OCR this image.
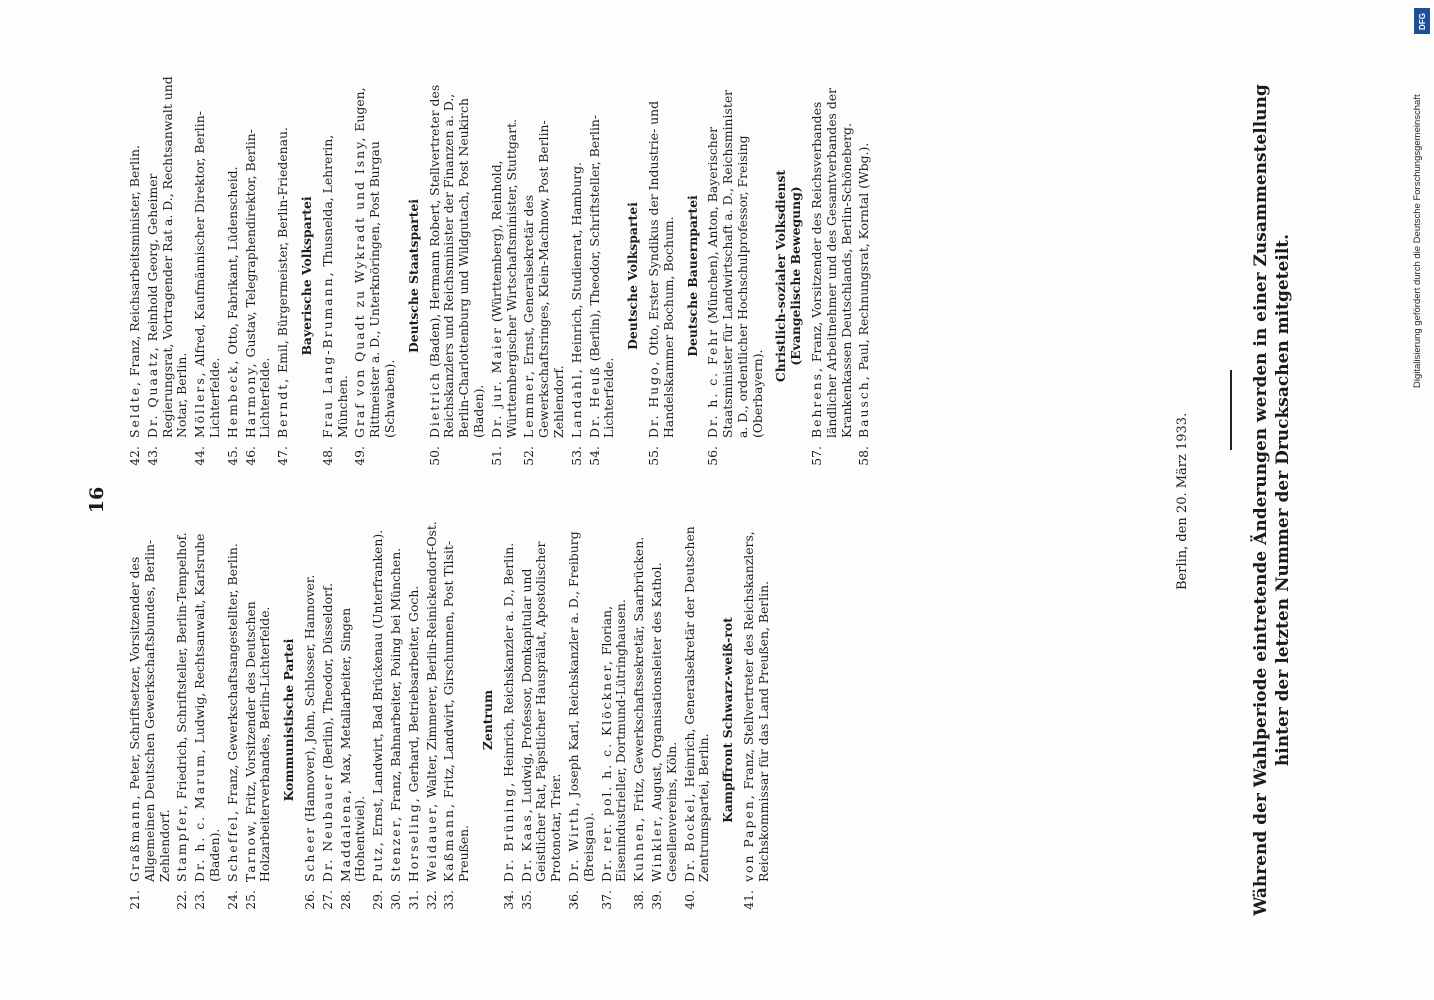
16
21.
Graßmann, Peter, Schriftsetzer, Vorsitzender des Allgemeinen Deutschen Gewerkschaftsbundes, Berlin-Zehlendorf.
22.
Stampfer, Friedrich, Schriftsteller, Berlin-Tempelhof.
23.
Dr. h. c. Marum, Ludwig, Rechtsanwalt, Karlsruhe (Baden).
24.
Scheffel, Franz, Gewerkschaftsangestellter, Berlin.
25.
Tarnow, Fritz, Vorsitzender des Deutschen Holzarbeiterverbandes, Berlin-Lichterfelde. Kommunistische Partei
26.
Scheer (Hannover), John, Schlosser, Hannover.
27.
Dr. Neubauer (Berlin), Theodor, Düsseldorf.
28.
Maddalena, Max, Metallarbeiter, Singen (Hohentwiel).
29.
Putz, Ernst, Landwirt, Bad Brückenau (Unterfranken).
30.
Stenzer, Franz, Bahnarbeiter, Poiing bei München.
31.
Horseling, Gerhard, Betriebsarbeiter, Goch.
32.
Weidauer, Walter, Zimmerer, Berlin-Reinickendorf-Ost.
33.
Kaßmann, Fritz, Landwirt, Girschunnen, Post Tilsit-Preußen.
Zentrum
34.
Dr. Brüning, Heinrich, Reichskanzler a. D., Berlin.
35.
Dr. Kaas, Ludwig, Professor, Domkapitular und Geistlicher Rat, Päpstlicher Hausprälat, Apostolischer Protonotar, Trier.
36.
Dr. Wirth, Joseph Karl, Reichskanzler a. D., Freiburg (Breisgau).
37.
Dr. rer. pol. h. c. Klöckner, Florian, Eisenindustrieller, Dortmund-Lütringhausen.
38.
Kuhnen, Fritz, Gewerkschaftssekretär, Saarbrücken.
39.
Winkler, August, Organisationsleiter des Kathol. Gesellenvereins, Köln.
40.
Dr. Bockel, Heinrich, Generalsekretär der Deutschen Zentrumspartei, Berlin. Kampffront Schwarz-weiß-rot
41.
von Papen, Franz, Stellvertreter des Reichskanzlers, Reichskommissar für das Land Preußen, Berlin.
42.
Seldte, Franz, Reichsarbeitsminister, Berlin.
43.
Dr. Quaatz, Reinhold Georg, Geheimer Regierungsrat, Vortragender Rat a. D., Rechtsanwalt und Notar, Berlin.
44.
Möllers, Alfred, Kaufmännischer Direktor, Berlin-Lichterfelde.
45.
Hembeck, Otto, Fabrikant, Lüdenscheid.
46.
Harmony, Gustav, Telegraphendirektor, Berlin-Lichterfelde.
47.
Berndt, Emil, Bürgermeister, Berlin-Friedenau. Bayerische Volkspartei
48.
Frau Lang-Brumann, Thusnelda, Lehrerin, München.
49.
Graf von Quadt zu Wykradt und Isny, Eugen, Rittmeister a. D., Unterknöringen, Post Burgau (Schwaben).
Deutsche Staatspartei
50.
Dietrich (Baden), Hermann Robert, Stellvertreter des Reichskanzlers und Reichsminister der Finanzen a. D., Berlin-Charlottenburg und Wildgutach, Post Neukirch (Baden).
51.
Dr. jur. Maier (Württemberg), Reinhold, Württembergischer Wirtschaftsminister, Stuttgart.
52.
Lemmer, Ernst, Generalsekretär des Gewerkschaftsringes, Klein-Machnow, Post Berlin-Zehlendorf.
53.
Landahl, Heinrich, Studienrat, Hamburg.
54.
Dr. Heuß (Berlin), Theodor, Schriftsteller, Berlin-Lichterfelde.
Deutsche Volkspartei
55.
Dr. Hugo, Otto, Erster Syndikus der Industrie- und Handelskammer Bochum, Bochum. Deutsche Bauernpartei
56.
Dr. h. c. Fehr (München), Anton, Bayerischer Staatsminister für Landwirtschaft a. D., Reichsminister a. D., ordentlicher Hochschulprofessor, Freising (Oberbayern).
Christlich-sozialer Volksdienst (Evangelische Bewegung)
57.
Behrens, Franz, Vorsitzender des Reichsverbandes ländlicher Arbeitnehmer und des Gesamtverbandes der Krankenkassen Deutschlands, Berlin-Schöneberg.
58.
Bausch, Paul, Rechnungsrat, Korntal (Wbg.).
Berlin, den 20. März 1933.	Während der Wahlperiode eintretende Änderungen werden in einer Zusammenstellung hinter der letzten Nummer der Drucksachen mitgeteilt.	Digitalisierung gefördert durch die Deutsche Forschungsgemeinschaft
DFG
